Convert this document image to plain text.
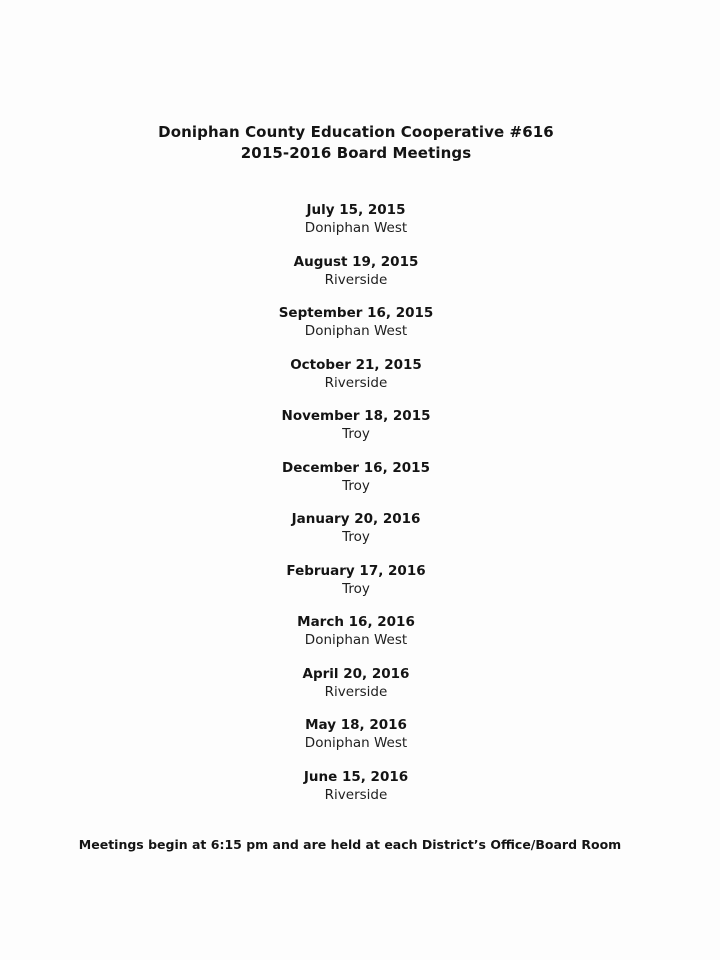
Doniphan County Education Cooperative #616
2015-2016 Board Meetings
July 15, 2015
Doniphan West
August 19, 2015
Riverside
September 16, 2015
Doniphan West
October 21, 2015
Riverside
November 18, 2015
Troy
December 16, 2015
Troy
January 20, 2016
Troy
February 17, 2016
Troy
March 16, 2016
Doniphan West
April 20, 2016
Riverside
May 18, 2016
Doniphan West
June 15, 2016
Riverside
Meetings begin at 6:15 pm and are held at each District’s Office/Board Room
